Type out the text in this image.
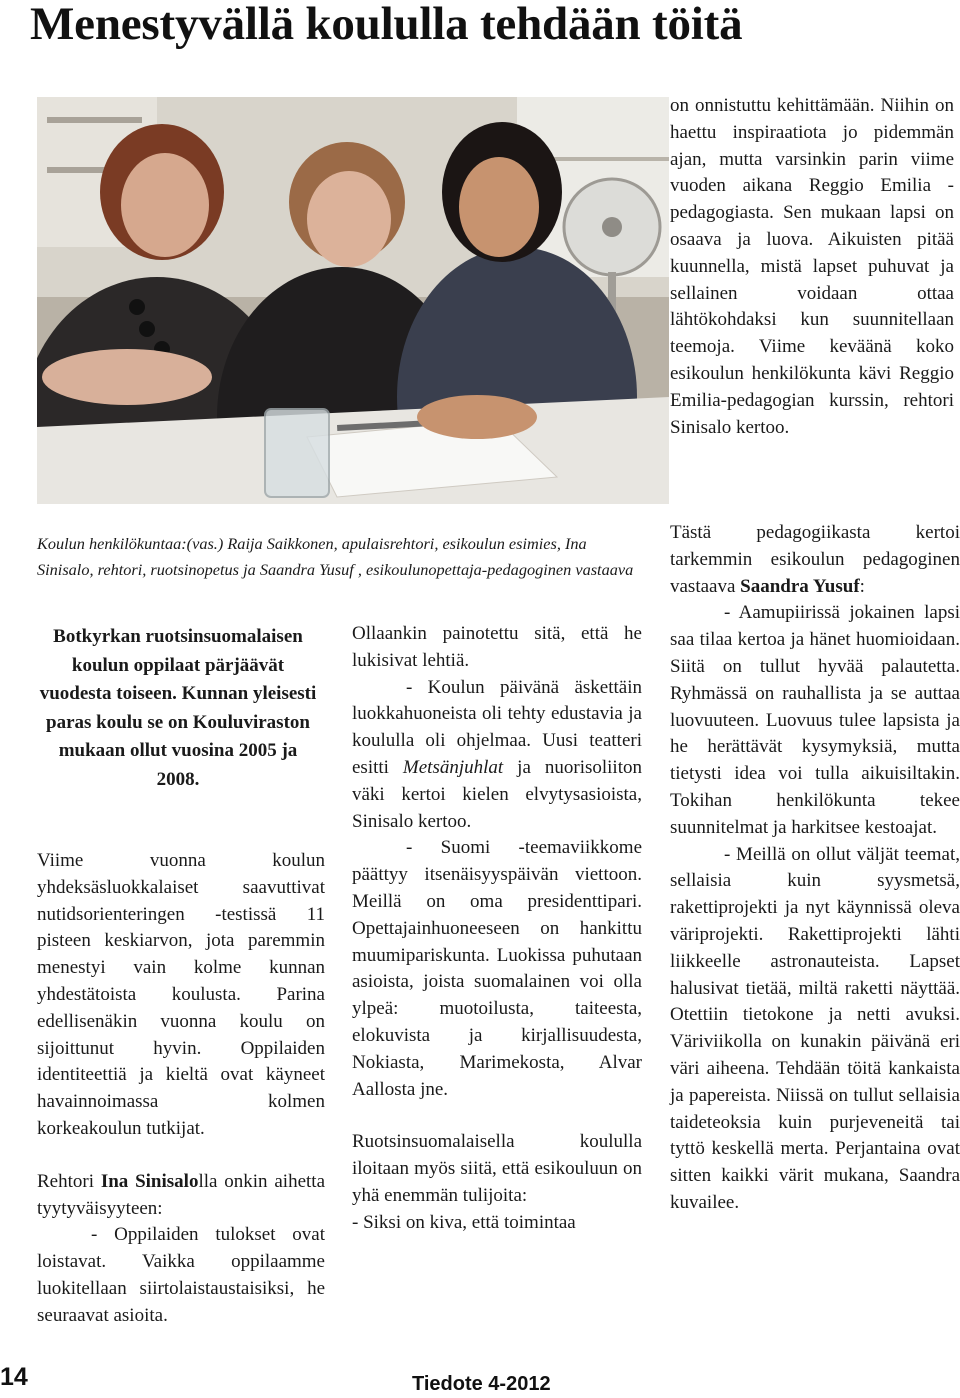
Menestyvällä koululla tehdään töitä

on onnistuttu kehittämään. Niihin on haettu inspiraatiota jo pidemmän ajan, mutta varsinkin parin viime vuoden aikana Reggio Emilia -pedagogiasta. Sen mukaan lapsi on osaava ja luova. Aikuisten pitää kuunnella, mistä lapset puhuvat ja sellainen voidaan ottaa lähtökohdaksi kun suunnitellaan teemoja. Viime keväänä koko esikoulun henkilökunta kävi Reggio Emilia-pedagogian kurssin, rehtori Sinisalo kertoo.

Koulun henkilökuntaa:(vas.) Raija Saikkonen, apulaisrehtori, esikoulun esimies, Ina Sinisalo, rehtori, ruotsinopetus ja Saandra Yusuf , esikoulunopettaja-pedagoginen vastaava
Botkyrkan ruotsinsuomalaisen koulun oppilaat pärjäävät vuodesta toiseen. Kunnan yleisesti paras koulu se on Kouluviraston mukaan ollut vuosina 2005 ja 2008.

Viime vuonna koulun yhdeksäsluokkalaiset saavuttivat nutidsorienteringen -testissä 11 pisteen keskiarvon, jota paremmin menestyi vain kolme kunnan yhdestätoista koulusta. Parina edellisenäkin vuonna koulu on sijoittunut hyvin. Oppilaiden identiteettiä ja kieltä ovat käyneet havainnoimassa kolmen korkeakoulun tutkijat.

Rehtori Ina Sinisalolla onkin aihetta tyytyväisyyteen:

- Oppilaiden tulokset ovat loistavat. Vaikka oppilaamme luokitellaan siirtolaistaustaisiksi, he seuraavat asioita.

Ollaankin painotettu sitä, että he lukisivat lehtiä.

- Koulun päivänä äskettäin luokkahuoneista oli tehty edustavia ja koululla oli ohjelmaa. Uusi teatteri esitti Metsänjuhlat ja nuorisoliiton väki kertoi kielen elvytysasioista, Sinisalo kertoo.

- Suomi -teemaviikkome päättyy itsenäisyyspäivän viettoon. Meillä on oma presidenttipari. Opettajainhuoneeseen on hankittu muumipariskunta. Luokissa puhutaan asioista, joista suomalainen voi olla ylpeä: muotoilusta, taiteesta, elokuvista ja kirjallisuudesta, Nokiasta, Marimekosta, Alvar Aallosta jne.

Ruotsinsuomalaisella koululla iloitaan myös siitä, että esikouluun on yhä enemmän tulijoita:

- Siksi on kiva, että toimintaa

Tästä pedagogiikasta kertoi tarkemmin esikoulun pedagoginen vastaava Saandra Yusuf:

- Aamupiirissä jokainen lapsi saa tilaa kertoa ja hänet huomioidaan. Siitä on tullut hyvää palautetta. Ryhmässä on rauhallista ja se auttaa luovuuteen. Luovuus tulee lapsista ja he herättävät kysymyksiä, mutta tietysti idea voi tulla aikuisiltakin. Tokihan henkilökunta tekee suunnitelmat ja harkitsee kestoajat.

- Meillä on ollut väljät teemat, sellaisia kuin syysmetsä, rakettiprojekti ja nyt käynnissä oleva väriprojekti. Rakettiprojekti lähti liikkeelle astronauteista. Lapset halusivat tietää, miltä raketti näyttää. Otettiin tietokone ja netti avuksi. Väriviikolla on kunakin päivänä eri väri aiheena. Tehdään töitä kankaista ja papereista. Niissä on tullut sellaisia taideteoksia kuin purjeveneitä tai tyttö keskellä merta. Perjantaina ovat sitten kaikki värit mukana, Saandra kuvailee.

14	Tiedote 4-2012
